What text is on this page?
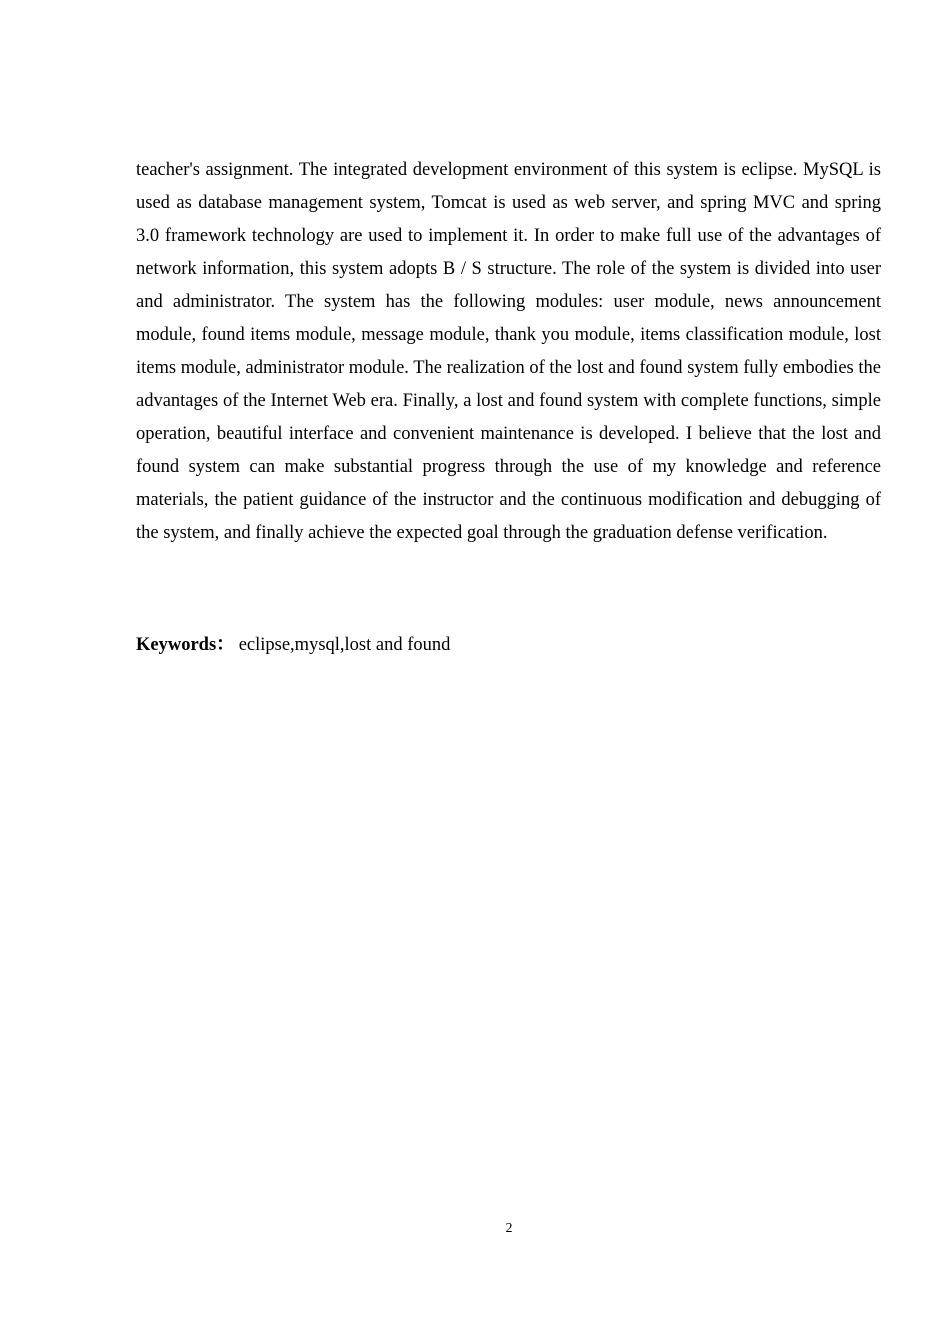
teacher's assignment. The integrated development environment of this system is eclipse. MySQL is used as database management system, Tomcat is used as web server, and spring MVC and spring 3.0 framework technology are used to implement it. In order to make full use of the advantages of network information, this system adopts B / S structure. The role of the system is divided into user and administrator. The system has the following modules: user module, news announcement module, found items module, message module, thank you module, items classification module, lost items module, administrator module. The realization of the lost and found system fully embodies the advantages of the Internet Web era. Finally, a lost and found system with complete functions, simple operation, beautiful interface and convenient maintenance is developed. I believe that the lost and found system can make substantial progress through the use of my knowledge and reference materials, the patient guidance of the instructor and the continuous modification and debugging of the system, and finally achieve the expected goal through the graduation defense verification.

Keywords： eclipse,mysql,lost and found
2
